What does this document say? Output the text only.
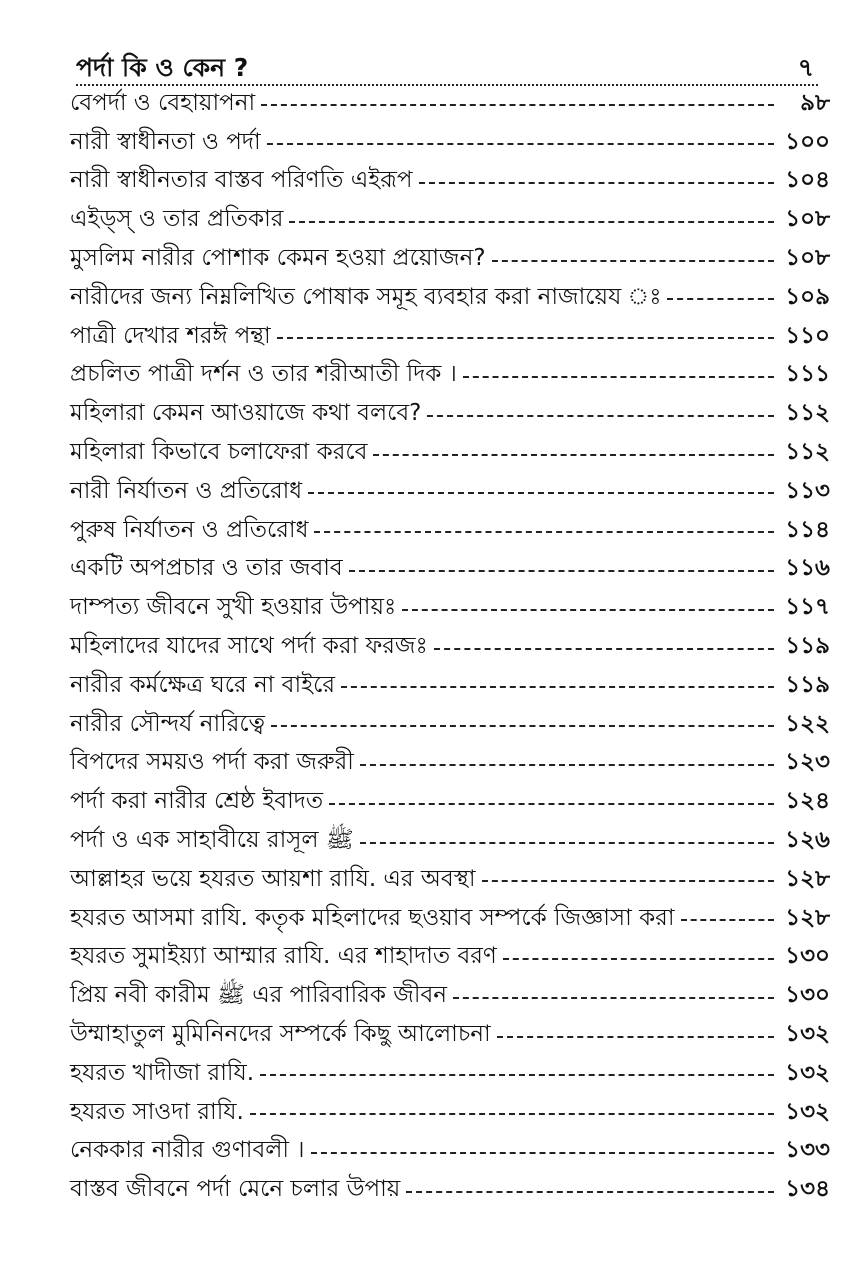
পর্দা কি ও কেন ?	৭
বেপর্দা ও বেহায়াপনা	৯৮
নারী স্বাধীনতা ও পর্দা	১০০
নারী স্বাধীনতার বাস্তব পরিণতি এইরূপ	১০৪
এইড্‌স্ ও তার প্রতিকার	১০৮
মুসলিম নারীর পোশাক কেমন হওয়া প্রয়োজন?	১০৮
নারীদের জন্য নিম্নলিখিত পোষাক সমূহ ব্যবহার করা নাজায়েয ঃ	১০৯
পাত্রী দেখার শরঈ পন্থা	১১০
প্রচলিত পাত্রী দর্শন ও তার শরীআতী দিক ।	১১১
মহিলারা কেমন আওয়াজে কথা বলবে?	১১২
মহিলারা কিভাবে চলাফেরা করবে	১১২
নারী নির্যাতন ও প্রতিরোধ	১১৩
পুরুষ নির্যাতন ও প্রতিরোধ	১১৪
একটি অপপ্রচার ও তার জবাব	১১৬
দাম্পত্য জীবনে সুখী হওয়ার উপায়ঃ	১১৭
মহিলাদের যাদের সাথে পর্দা করা ফরজঃ	১১৯
নারীর কর্মক্ষেত্র ঘরে না বাইরে	১১৯
নারীর সৌন্দর্য নারিত্বে	১২২
বিপদের সময়ও পর্দা করা জরুরী	১২৩
পর্দা করা নারীর শ্রেষ্ঠ ইবাদত	১২৪
পর্দা ও এক সাহাবীয়ে রাসূল ﷺ	১২৬
আল্লাহর ভয়ে হযরত আয়শা রাযি. এর অবস্থা	১২৮
হযরত আসমা রাযি. কতৃক মহিলাদের ছওয়াব সম্পর্কে জিজ্ঞাসা করা	১২৮
হযরত সুমাইয়্যা আম্মার রাযি. এর শাহাদাত বরণ	১৩০
প্রিয় নবী কারীম ﷺ এর পারিবারিক জীবন	১৩০
উম্মাহাতুল মুমিনিনদের সম্পর্কে কিছু আলোচনা	১৩২
হযরত খাদীজা রাযি.	১৩২
হযরত সাওদা রাযি.	১৩২
নেককার নারীর গুণাবলী ।	১৩৩
বাস্তব জীবনে পর্দা মেনে চলার উপায়	১৩৪
